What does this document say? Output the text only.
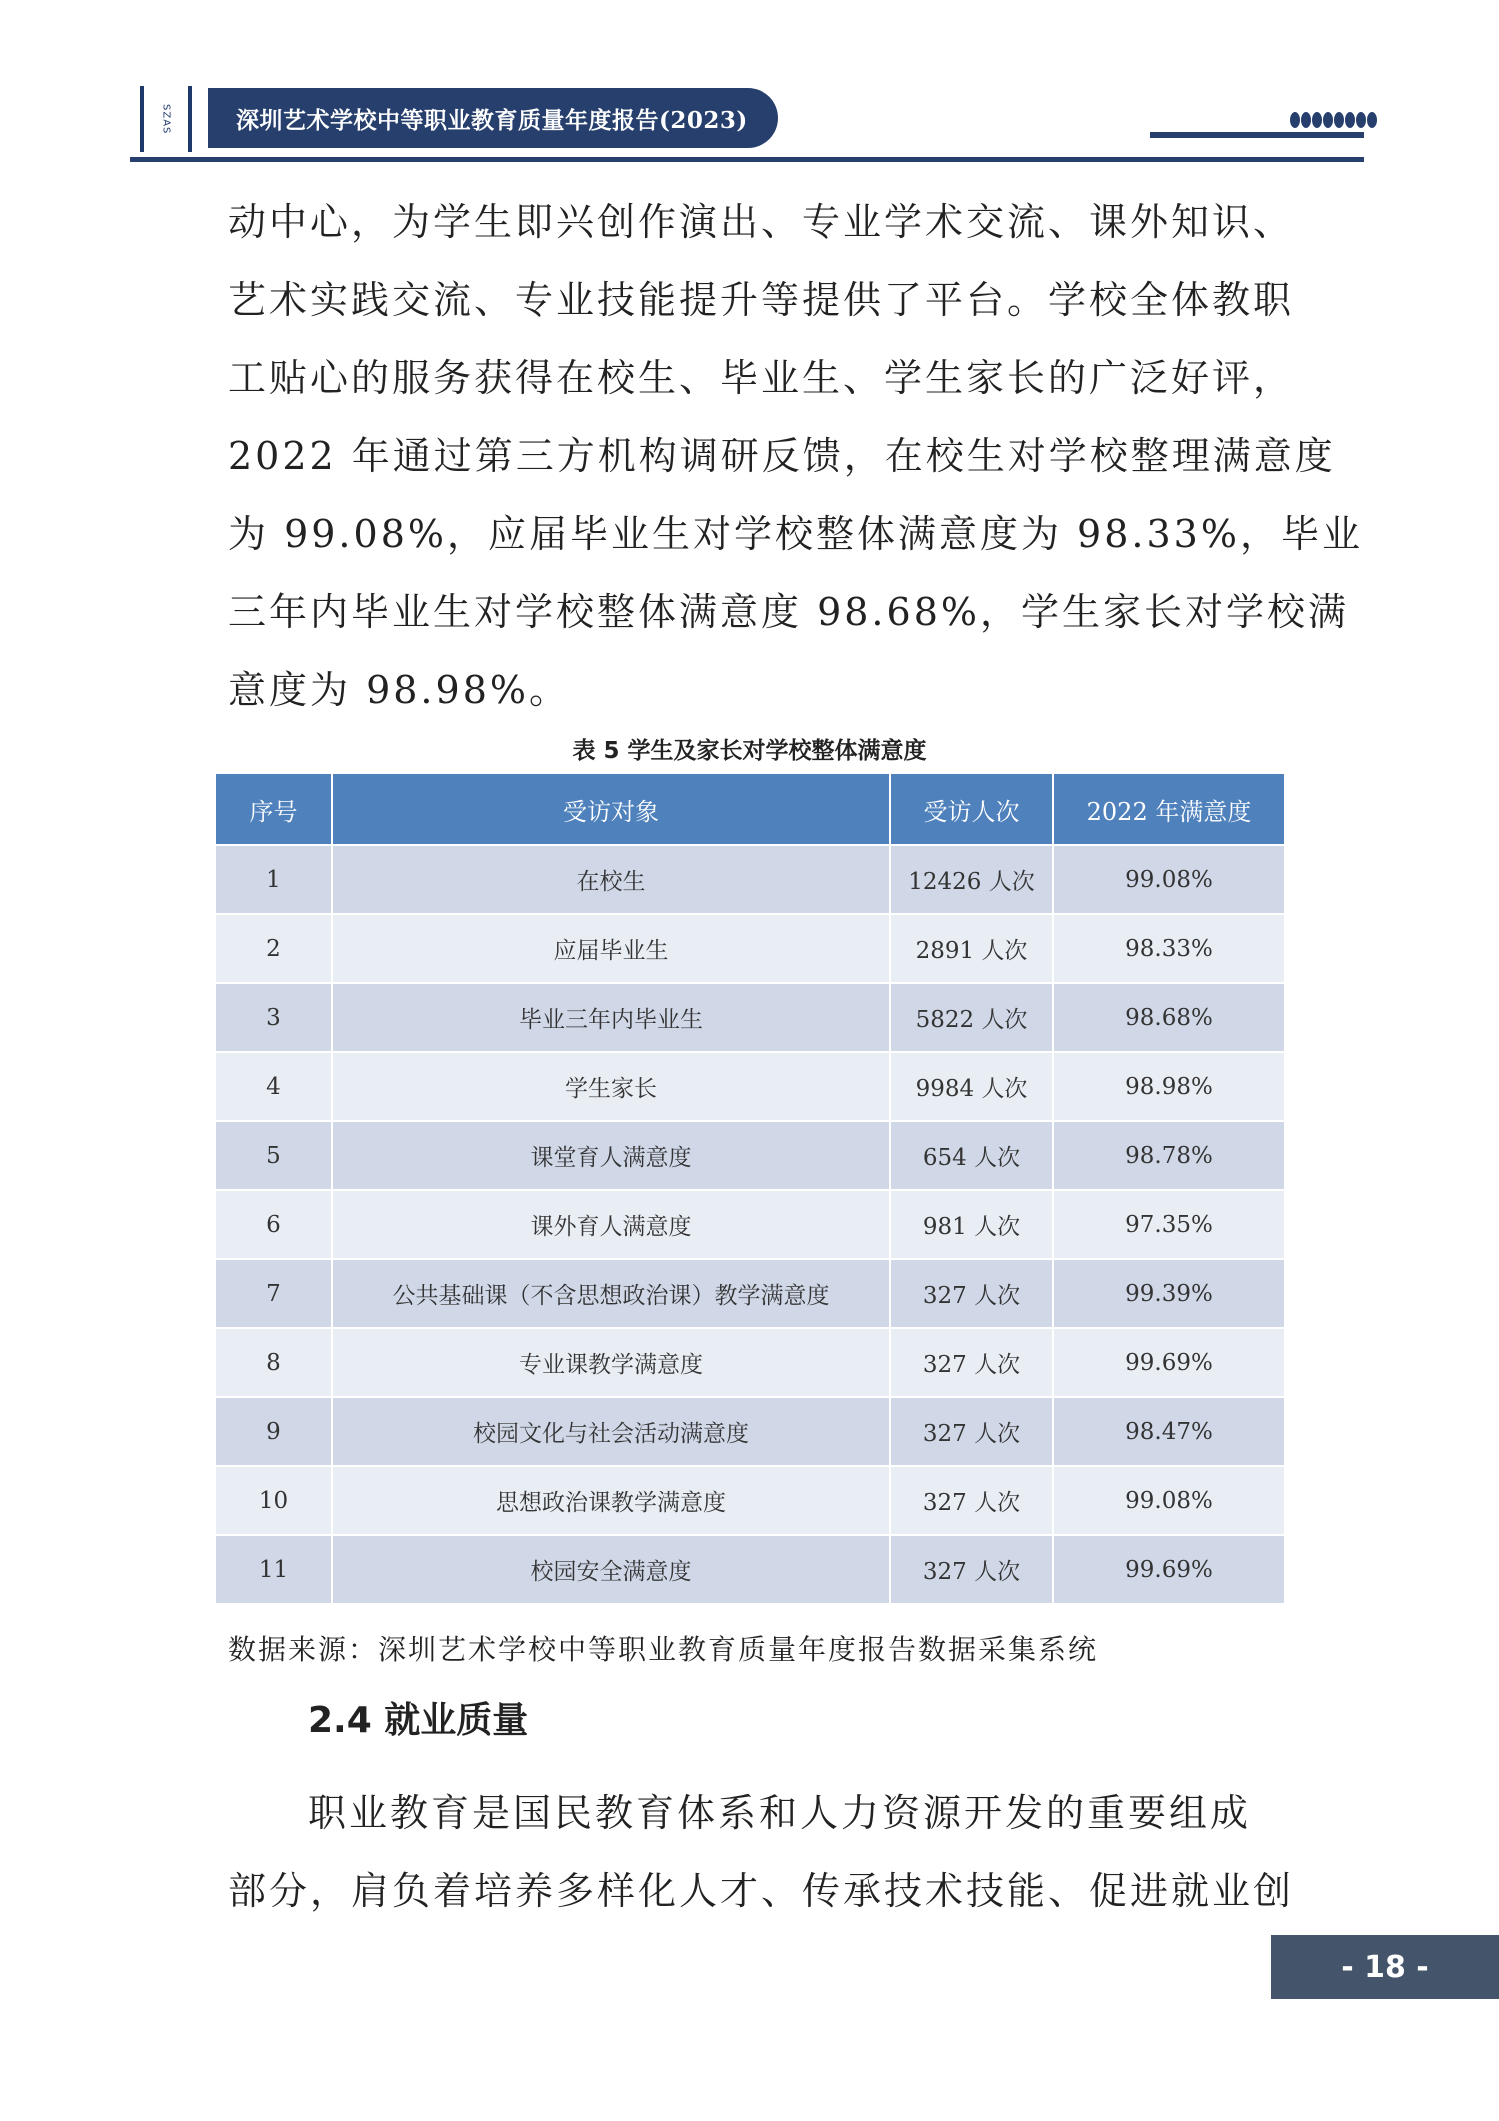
SZAS	深圳艺术学校中等职业教育质量年度报告(2023)
动中心，为学生即兴创作演出、专业学术交流、课外知识、
艺术实践交流、专业技能提升等提供了平台。学校全体教职
工贴心的服务获得在校生、毕业生、学生家长的广泛好评，
2022 年通过第三方机构调研反馈，在校生对学校整理满意度
为 99.08%，应届毕业生对学校整体满意度为 98.33%，毕业
三年内毕业生对学校整体满意度 98.68%，学生家长对学校满
意度为 98.98%。
表 5 学生及家长对学校整体满意度
序号	受访对象	受访人次	2022 年满意度
1	在校生	12426 人次	99.08%
2	应届毕业生	2891 人次	98.33%
3	毕业三年内毕业生	5822 人次	98.68%
4	学生家长	9984 人次	98.98%
5	课堂育人满意度	654 人次	98.78%
6	课外育人满意度	981 人次	97.35%
7	公共基础课（不含思想政治课）教学满意度	327 人次	99.39%
8	专业课教学满意度	327 人次	99.69%
9	校园文化与社会活动满意度	327 人次	98.47%
10	思想政治课教学满意度	327 人次	99.08%
11	校园安全满意度	327 人次	99.69%
数据来源：深圳艺术学校中等职业教育质量年度报告数据采集系统
2.4 就业质量
职业教育是国民教育体系和人力资源开发的重要组成
部分，肩负着培养多样化人才、传承技术技能、促进就业创
- 18 -
